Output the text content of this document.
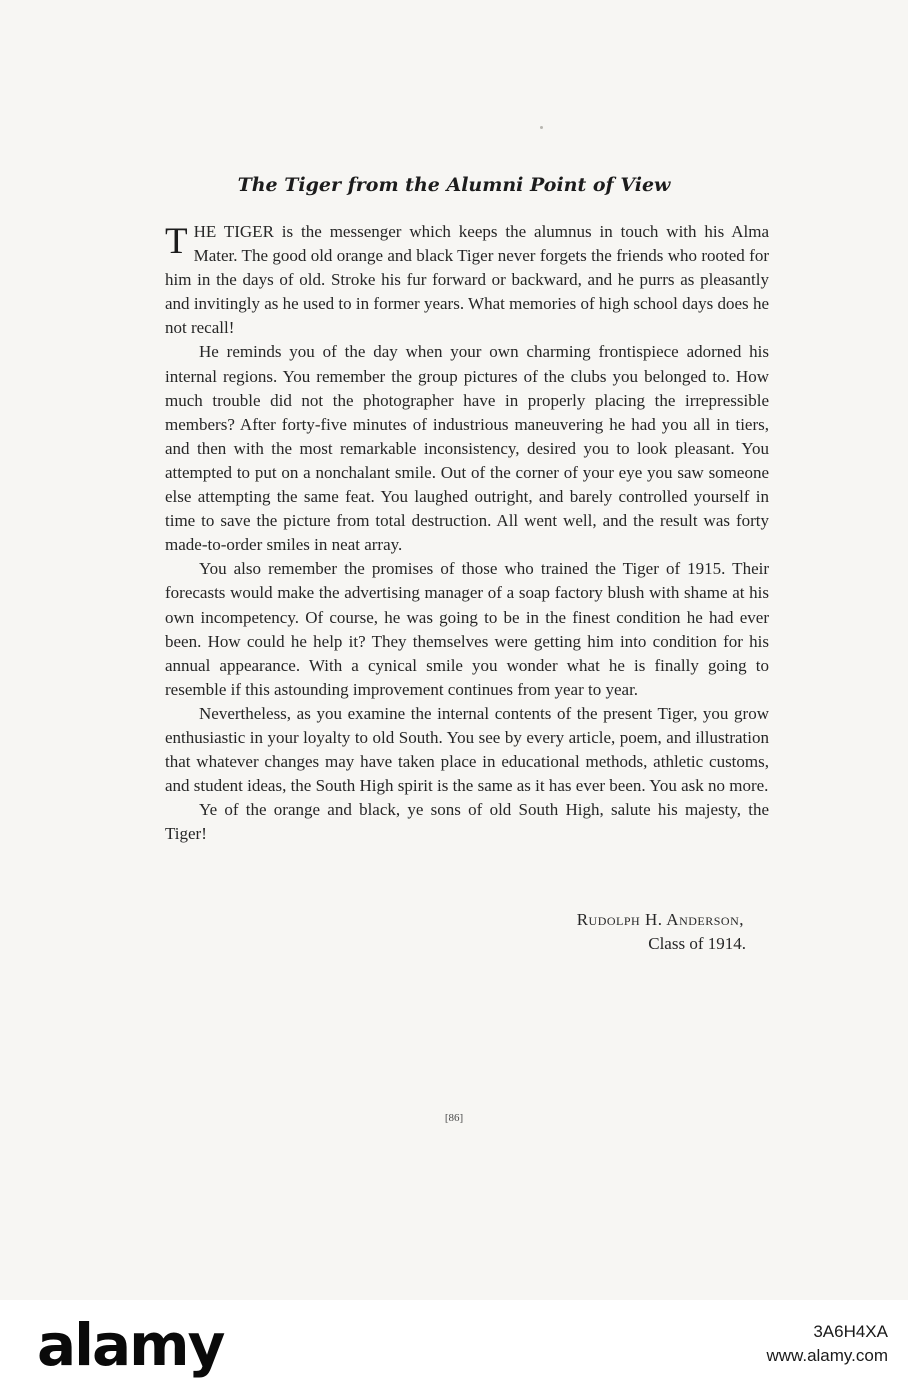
The Tiger from the Alumni Point of View

THE TIGER is the messenger which keeps the alumnus in touch with his Alma Mater. The good old orange and black Tiger never forgets the friends who rooted for him in the days of old. Stroke his fur forward or backward, and he purrs as pleasantly and invitingly as he used to in former years. What memories of high school days does he not recall!

He reminds you of the day when your own charming frontispiece adorned his internal regions. You remember the group pictures of the clubs you belonged to. How much trouble did not the photographer have in properly placing the irrepressible members? After forty-five minutes of industrious maneuvering he had you all in tiers, and then with the most remarkable inconsistency, desired you to look pleasant. You attempted to put on a nonchalant smile. Out of the corner of your eye you saw someone else attempting the same feat. You laughed outright, and barely controlled yourself in time to save the picture from total destruction. All went well, and the result was forty made-to-order smiles in neat array.

You also remember the promises of those who trained the Tiger of 1915. Their forecasts would make the advertising manager of a soap factory blush with shame at his own incompetency. Of course, he was going to be in the finest condition he had ever been. How could he help it? They themselves were getting him into condition for his annual appearance. With a cynical smile you wonder what he is finally going to resemble if this astounding improvement continues from year to year.

Nevertheless, as you examine the internal contents of the present Tiger, you grow enthusiastic in your loyalty to old South. You see by every article, poem, and illustration that whatever changes may have taken place in educational methods, athletic customs, and student ideas, the South High spirit is the same as it has ever been. You ask no more.

Ye of the orange and black, ye sons of old South High, salute his majesty, the Tiger!

Rudolph H. Anderson,
Class of 1914.
[86]
alamy	3A6H4XA
www.alamy.com
